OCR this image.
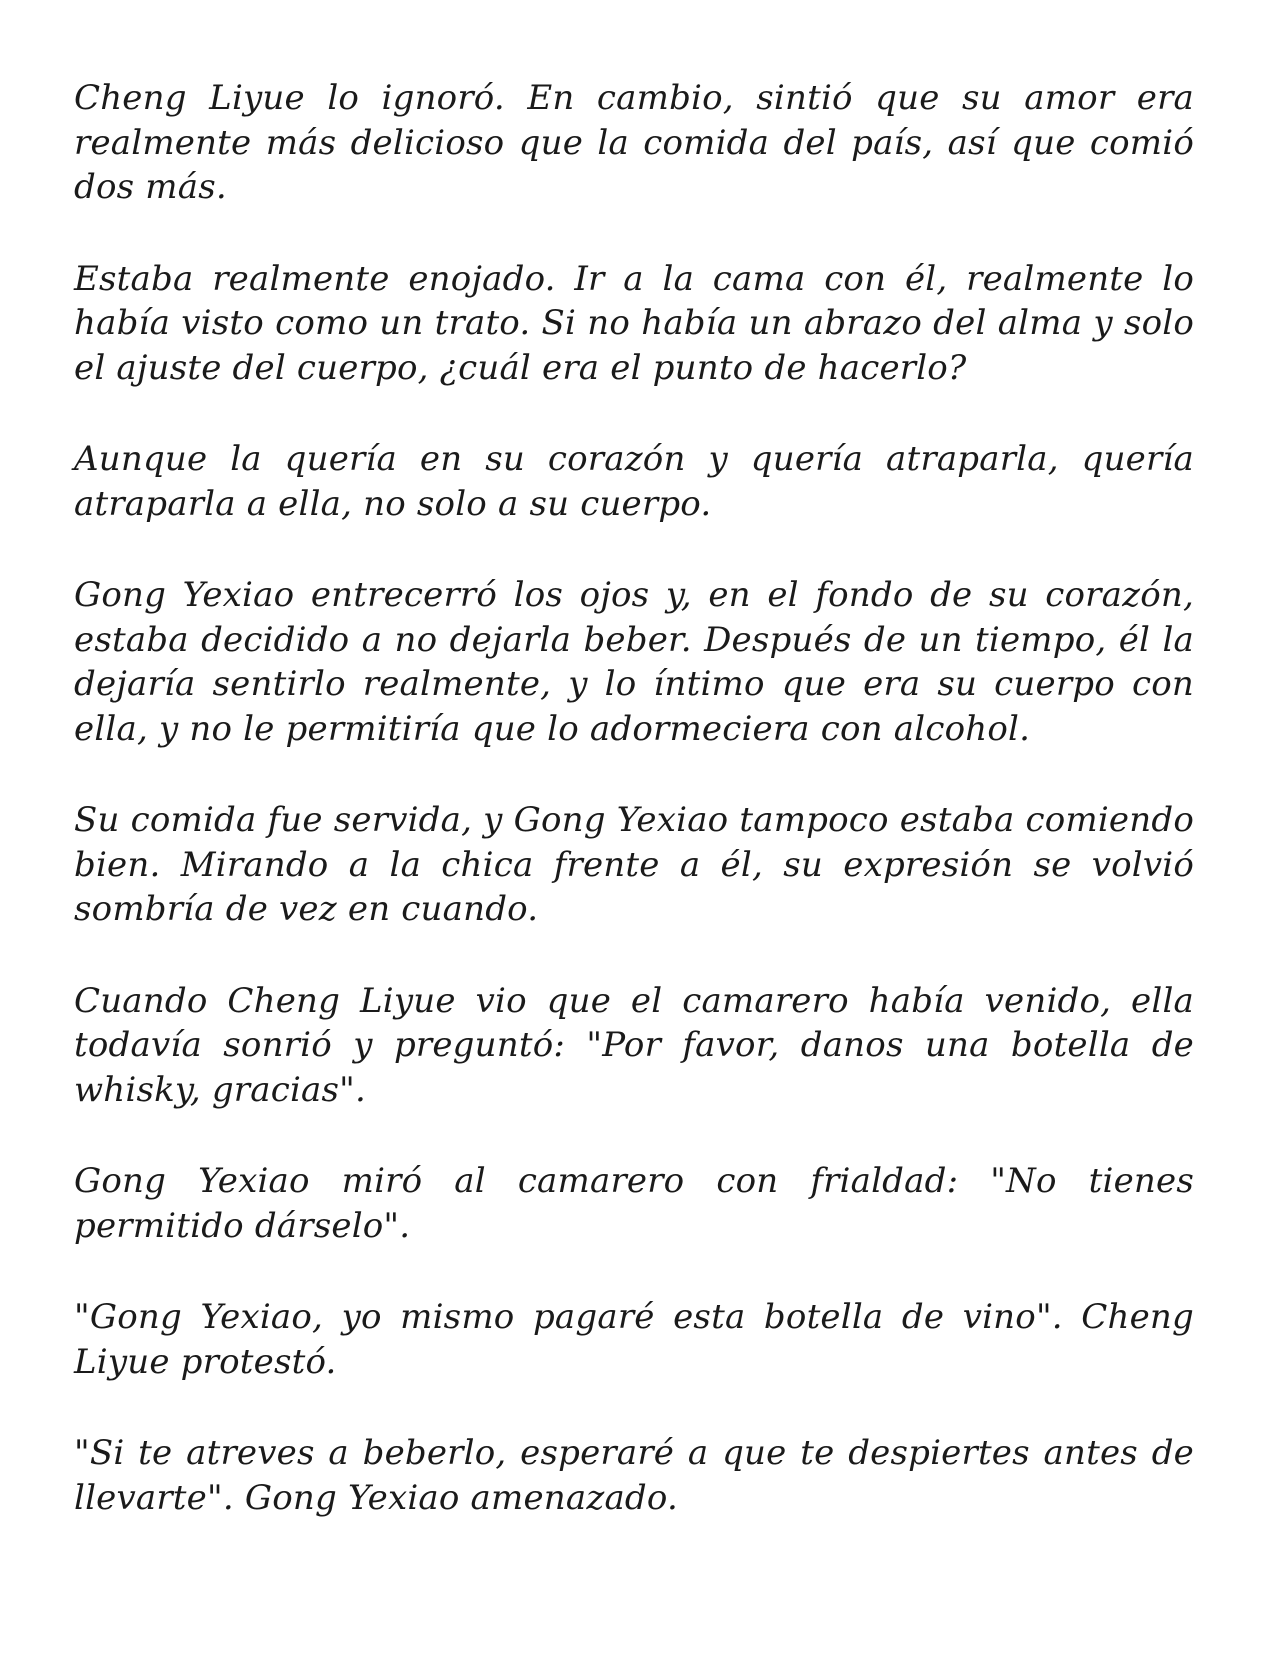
Cheng Liyue lo ignoró. En cambio, sintió que su amor era realmente más delicioso que la comida del país, así que comió dos más.

Estaba realmente enojado. Ir a la cama con él, realmente lo había visto como un trato. Si no había un abrazo del alma y solo el ajuste del cuerpo, ¿cuál era el punto de hacerlo?

Aunque la quería en su corazón y quería atraparla, quería atraparla a ella, no solo a su cuerpo.

Gong Yexiao entrecerró los ojos y, en el fondo de su corazón, estaba decidido a no dejarla beber. Después de un tiempo, él la dejaría sentirlo realmente, y lo íntimo que era su cuerpo con ella, y no le permitiría que lo adormeciera con alcohol.

Su comida fue servida, y Gong Yexiao tampoco estaba comiendo bien. Mirando a la chica frente a él, su expresión se volvió sombría de vez en cuando.

Cuando Cheng Liyue vio que el camarero había venido, ella todavía sonrió y preguntó: "Por favor, danos una botella de whisky, gracias".

Gong Yexiao miró al camarero con frialdad: "No tienes permitido dárselo".

"Gong Yexiao, yo mismo pagaré esta botella de vino". Cheng Liyue protestó.

"Si te atreves a beberlo, esperaré a que te despiertes antes de llevarte". Gong Yexiao amenazado.
